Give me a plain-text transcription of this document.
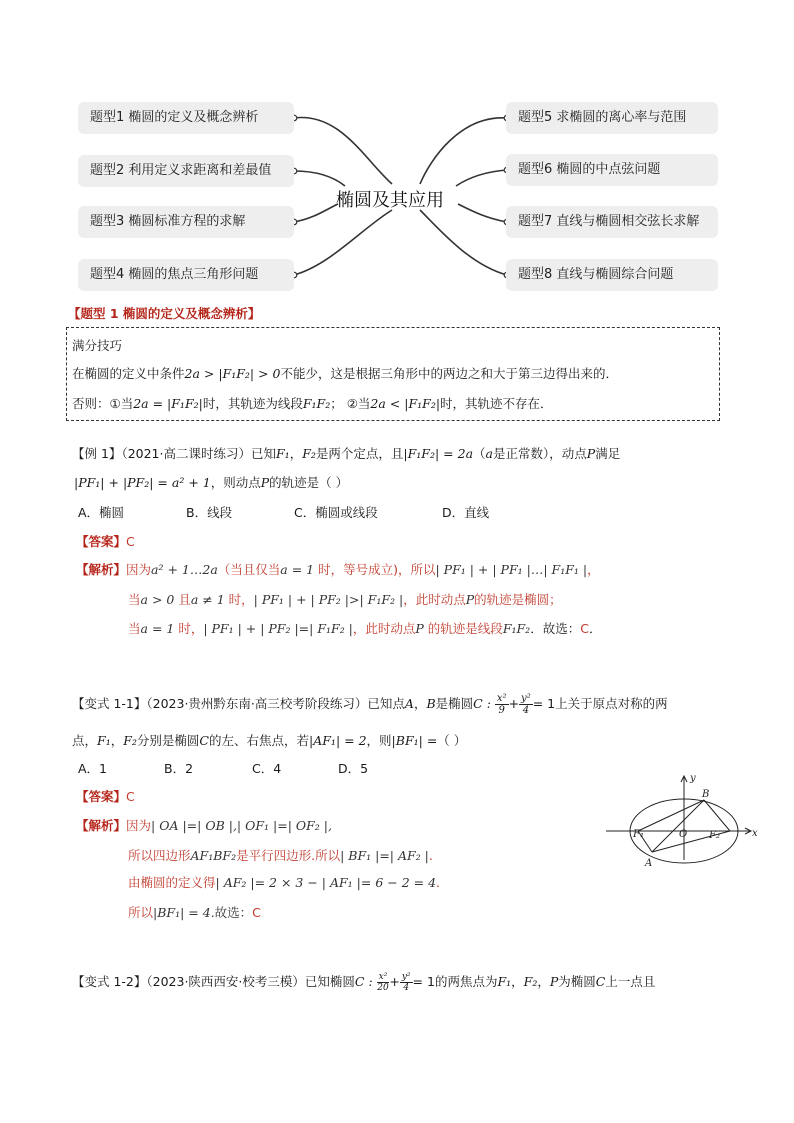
题型1 椭圆的定义及概念辨析
题型2 利用定义求距离和差最值
题型3 椭圆标准方程的求解
题型4 椭圆的焦点三角形问题
题型5 求椭圆的离心率与范围
题型6 椭圆的中点弦问题
题型7 直线与椭圆相交弦长求解
题型8 直线与椭圆综合问题
椭圆及其应用
【题型 1 椭圆的定义及概念辨析】
满分技巧
在椭圆的定义中条件2a > |F₁F₂| > 0不能少，这是根据三角形中的两边之和大于第三边得出来的．
否则：①当2a = |F₁F₂|时，其轨迹为线段F₁F₂； ②当2a < |F₁F₂|时，其轨迹不存在．
【例 1】（2021·高二课时练习）已知F₁，F₂是两个定点，且|F₁F₂| = 2a（a是正常数），动点P满足
|PF₁| + |PF₂| = a² + 1，则动点P的轨迹是（ ）
A．椭圆	B．线段	C．椭圆或线段	D．直线
【答案】C
【解析】因为a² + 1…2a（当且仅当a = 1 时，等号成立)，所以| PF₁ | + | PF₁ |…| F₁F₁ |，
当a > 0 且a ≠ 1 时，| PF₁ | + | PF₂ |>| F₁F₂ |，此时动点P的轨迹是椭圆；
当a = 1 时，| PF₁ | + | PF₂ |=| F₁F₂ |，此时动点P 的轨迹是线段F₁F₂．故选：C．
【变式 1-1】（2023·贵州黔东南·高三校考阶段练习）已知点A，B是椭圆C : $\frac{\text{x²}}{9} + \frac{\text{y²}}{4} = 1$上关于原点对称的两
点，F₁，F₂分别是椭圆C的左、右焦点，若|AF₁| = 2，则|BF₁| =（ ）
A．1	B．2	C．4	D．5
【答案】C
【解析】因为| OA |=| OB |,| OF₁ |=| OF₂ |,
所以四边形AF₁BF₂是平行四边形.所以| BF₁ |=| AF₂ |.
由椭圆的定义得| AF₂ |= 2 × 3 − | AF₁ |= 6 − 2 = 4.
所以|BF₁| = 4.故选：C
y
x
B
A
O
F₁	F₂
【变式 1-2】（2023·陕西西安·校考三模）已知椭圆C : $\frac{\text{x²}}{20} + \frac{\text{y²}}{4} = 1$的两焦点为F₁，F₂，P为椭圆C上一点且
